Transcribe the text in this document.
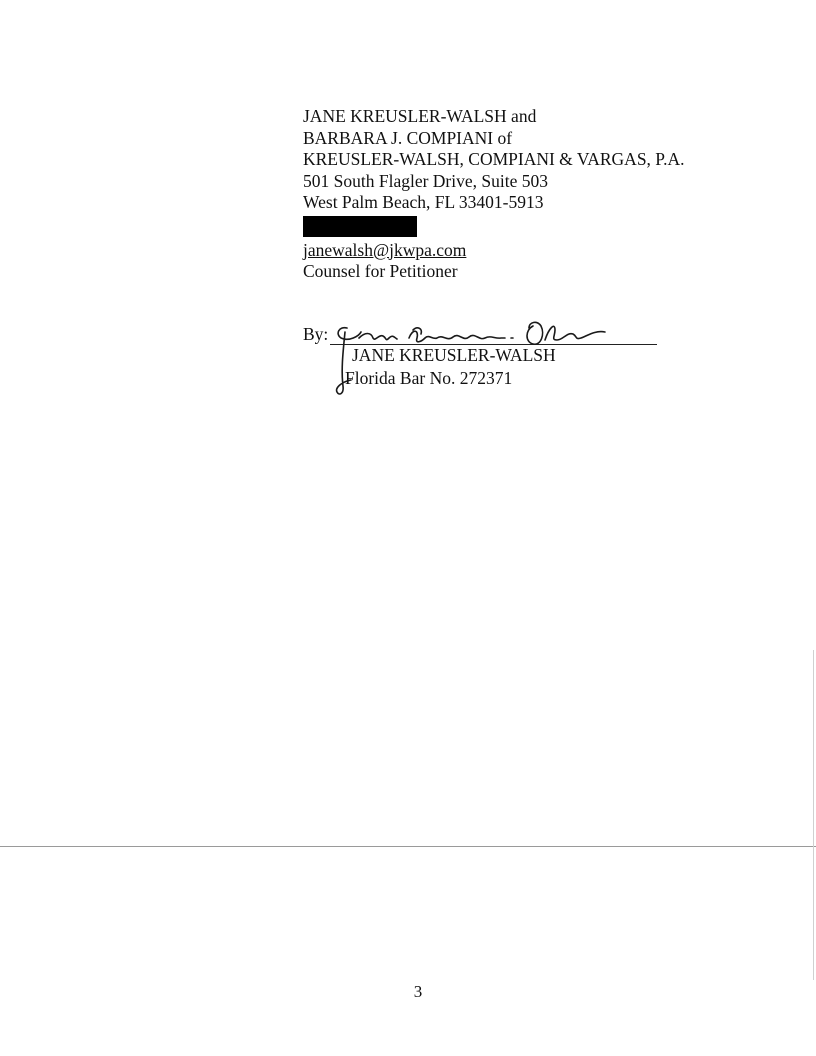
JANE KREUSLER-WALSH and
BARBARA J. COMPIANI of
KREUSLER-WALSH, COMPIANI & VARGAS, P.A.
501 South Flagler Drive, Suite 503
West Palm Beach, FL 33401-5913
janewalsh@jkwpa.com
Counsel for Petitioner
By:
JANE KREUSLER-WALSH
Florida Bar No. 272371
3
